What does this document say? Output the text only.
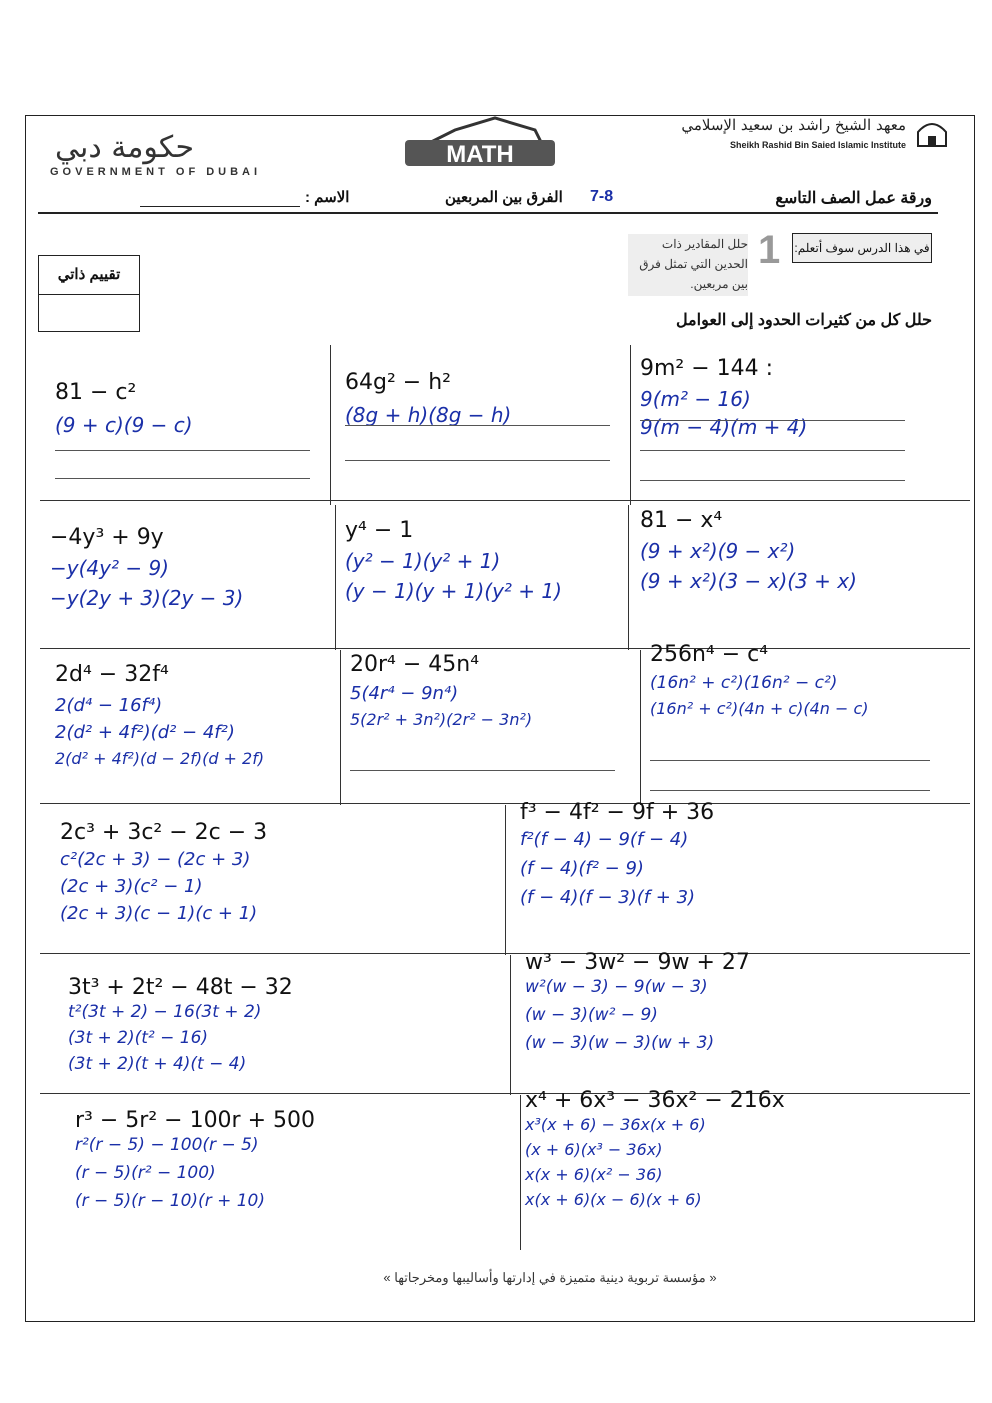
حكومة دبي
GOVERNMENT OF DUBAI
MATH
معهد الشيخ راشد بن سعيد الإسلامي
Sheikh Rashid Bin Saied Islamic Institute
ورقة عمل الصف التاسع
7-8
الفرق بين المربعين
الاسم :
في هذا الدرس سوف أتعلم:
1
حلل المقادير ذات الحدين التي تمثل فرق بين مربعين.
تقييم ذاتي
حلل كل من كثيرات الحدود إلى العوامل
81 − c²
(9 + c)(9 − c)
64g² − h²
(8g + h)(8g − h)
9m² − 144 :
9(m² − 16)
9(m − 4)(m + 4)
−4y³ + 9y
−y(4y² − 9)
−y(2y + 3)(2y − 3)
y⁴ − 1
(y² − 1)(y² + 1)
(y − 1)(y + 1)(y² + 1)
81 − x⁴
(9 + x²)(9 − x²)
(9 + x²)(3 − x)(3 + x)
2d⁴ − 32f⁴
2(d⁴ − 16f⁴)
2(d² + 4f²)(d² − 4f²)
2(d² + 4f²)(d − 2f)(d + 2f)
20r⁴ − 45n⁴
5(4r⁴ − 9n⁴)
5(2r² + 3n²)(2r² − 3n²)
256n⁴ − c⁴
(16n² + c²)(16n² − c²)
(16n² + c²)(4n + c)(4n − c)
2c³ + 3c² − 2c − 3
c²(2c + 3) − (2c + 3)
(2c + 3)(c² − 1)
(2c + 3)(c − 1)(c + 1)
f³ − 4f² − 9f + 36
f²(f − 4) − 9(f − 4)
(f − 4)(f² − 9)
(f − 4)(f − 3)(f + 3)
3t³ + 2t² − 48t − 32
t²(3t + 2) − 16(3t + 2)
(3t + 2)(t² − 16)
(3t + 2)(t + 4)(t − 4)
w³ − 3w² − 9w + 27
w²(w − 3) − 9(w − 3)
(w − 3)(w² − 9)
(w − 3)(w − 3)(w + 3)
r³ − 5r² − 100r + 500
r²(r − 5) − 100(r − 5)
(r − 5)(r² − 100)
(r − 5)(r − 10)(r + 10)
x⁴ + 6x³ − 36x² − 216x
x³(x + 6) − 36x(x + 6)
(x + 6)(x³ − 36x)
x(x + 6)(x² − 36)
x(x + 6)(x − 6)(x + 6)
« مؤسسة تربوية دينية متميزة في إدارتها وأساليبها ومخرجاتها »
